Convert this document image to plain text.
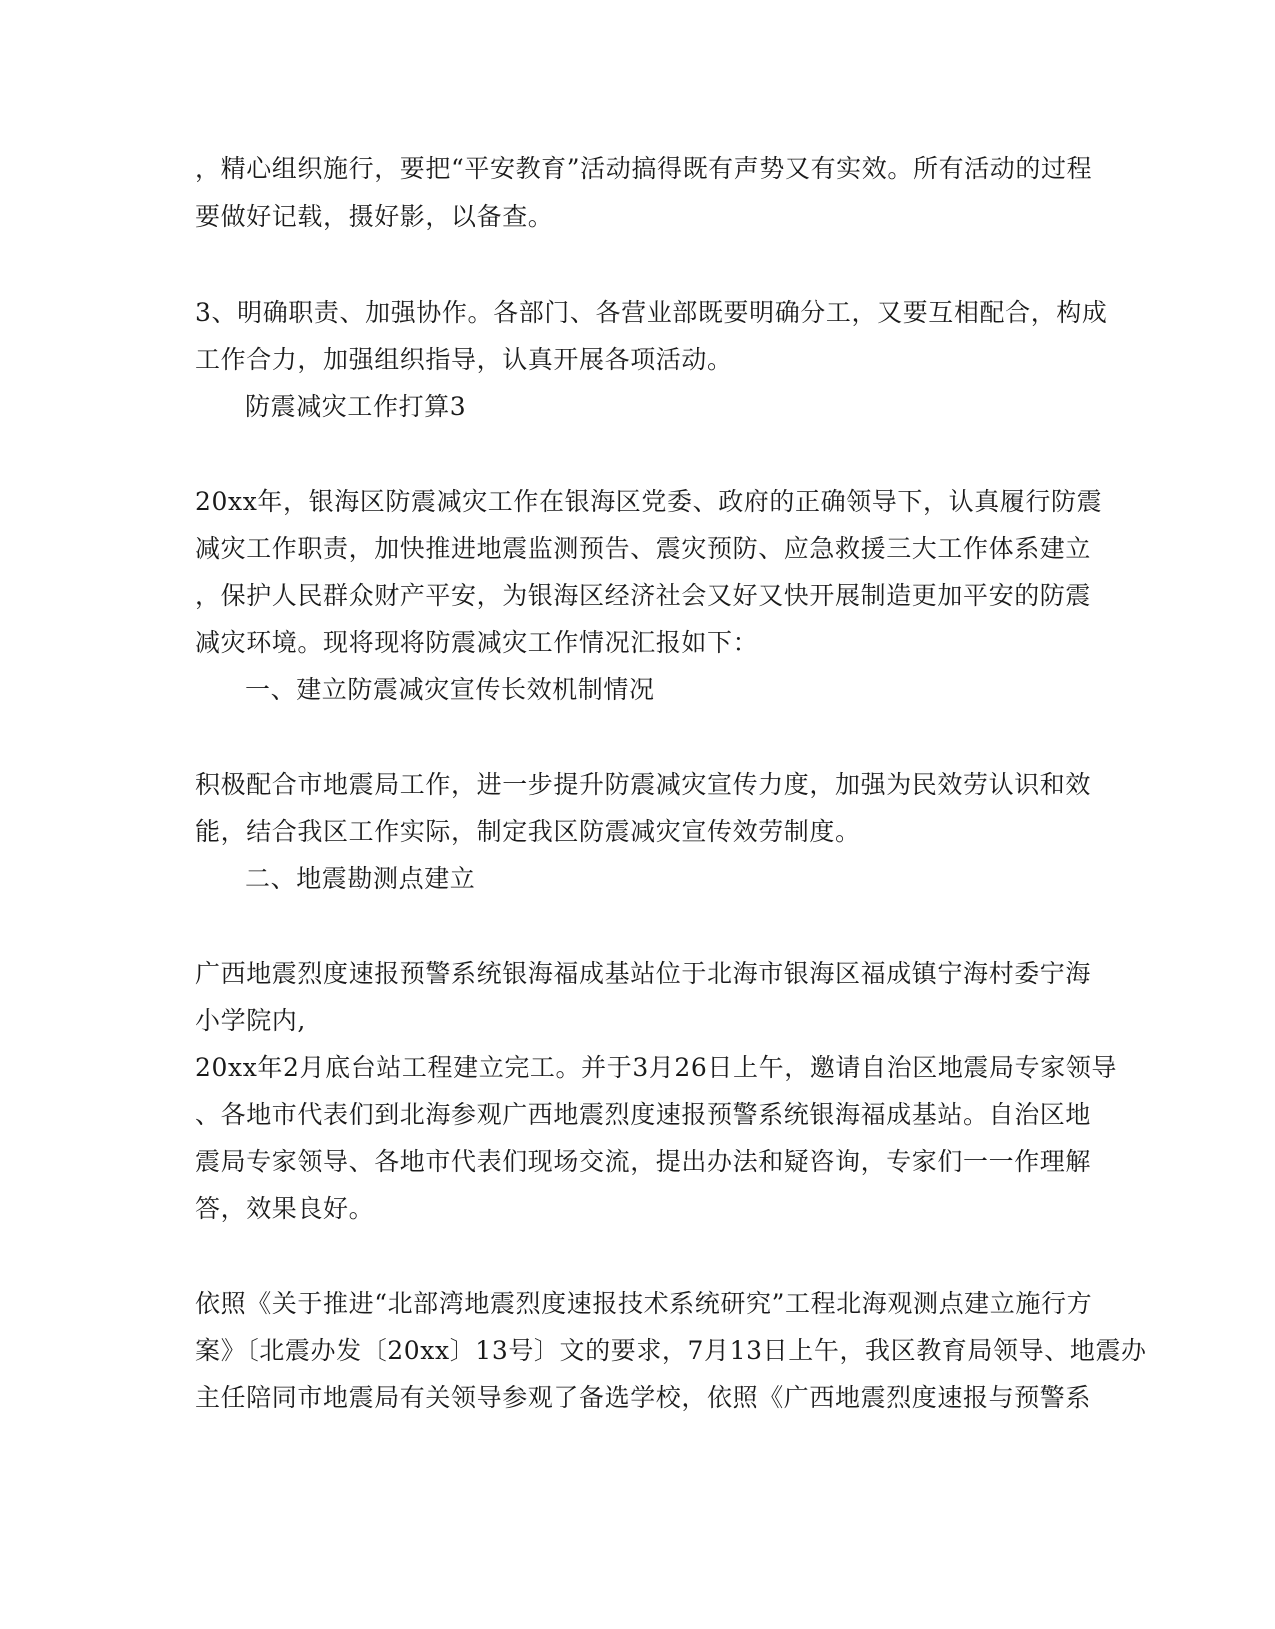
，精心组织施行，要把“平安教育”活动搞得既有声势又有实效。所有活动的过程
要做好记载，摄好影，以备查。
3、明确职责、加强协作。各部门、各营业部既要明确分工，又要互相配合，构成
工作合力，加强组织指导，认真开展各项活动。
防震减灾工作打算3
20xx年，银海区防震减灾工作在银海区党委、政府的正确领导下，认真履行防震
减灾工作职责，加快推进地震监测预告、震灾预防、应急救援三大工作体系建立
，保护人民群众财产平安，为银海区经济社会又好又快开展制造更加平安的防震
减灾环境。现将现将防震减灾工作情况汇报如下：
一、建立防震减灾宣传长效机制情况
积极配合市地震局工作，进一步提升防震减灾宣传力度，加强为民效劳认识和效
能，结合我区工作实际，制定我区防震减灾宣传效劳制度。
二、地震勘测点建立
广西地震烈度速报预警系统银海福成基站位于北海市银海区福成镇宁海村委宁海
小学院内,
20xx年2月底台站工程建立完工。并于3月26日上午，邀请自治区地震局专家领导
、各地市代表们到北海参观广西地震烈度速报预警系统银海福成基站。自治区地
震局专家领导、各地市代表们现场交流，提出办法和疑咨询，专家们一一作理解
答，效果良好。
依照《关于推进“北部湾地震烈度速报技术系统研究”工程北海观测点建立施行方
案》〔北震办发〔20xx〕13号〕文的要求，7月13日上午，我区教育局领导、地震办
主任陪同市地震局有关领导参观了备选学校，依照《广西地震烈度速报与预警系
